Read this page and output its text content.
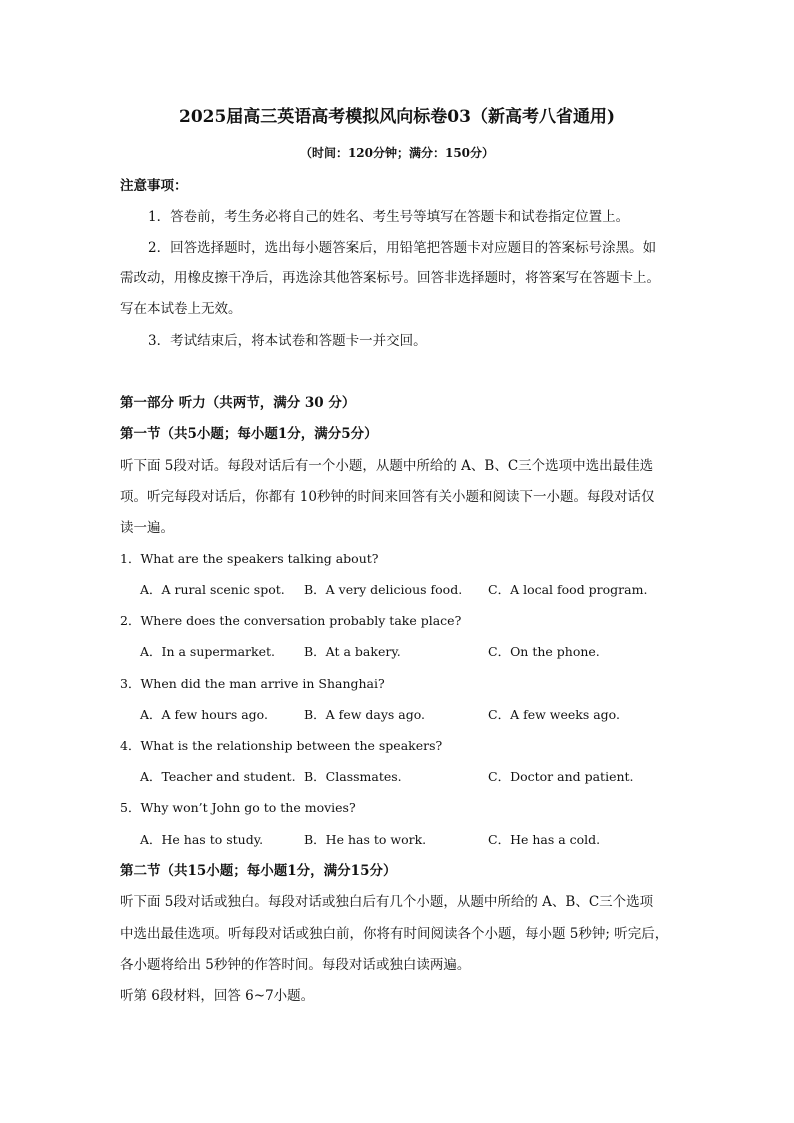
2025届高三英语高考模拟风向标卷03（新高考八省通用)
（时间：120分钟；满分：150分）
注意事项：
1．答卷前，考生务必将自己的姓名、考生号等填写在答题卡和试卷指定位置上。
2．回答选择题时，选出每小题答案后，用铅笔把答题卡对应题目的答案标号涂黑。如
需改动，用橡皮擦干净后，再选涂其他答案标号。回答非选择题时，将答案写在答题卡上。
写在本试卷上无效。
3．考试结束后，将本试卷和答题卡一并交回。
第一部分 听力（共两节，满分 30 分）
第一节（共5小题；每小题1分，满分5分）
听下面 5段对话。每段对话后有一个小题，从题中所给的 A、B、C三个选项中选出最佳选
项。听完每段对话后，你都有 10秒钟的时间来回答有关小题和阅读下一小题。每段对话仅
读一遍。
1．What are the speakers talking about?
A．A rural scenic spot. B．A very delicious food. C．A local food program.
2．Where does the conversation probably take place?
A．In a supermarket. B．At a bakery.	C．On the phone.
3．When did the man arrive in Shanghai?
A．A few hours ago.	B．A few days ago.	C．A few weeks ago.
4．What is the relationship between the speakers?
A．Teacher and student. B．Classmates.	C．Doctor and patient.
5．Why won’t John go to the movies?
A．He has to study.	B．He has to work.	C．He has a cold.
第二节（共15小题；每小题1分，满分15分）
听下面 5段对话或独白。每段对话或独白后有几个小题，从题中所给的 A、B、C三个选项
中选出最佳选项。听每段对话或独白前，你将有时间阅读各个小题，每小题 5秒钟; 听完后，
各小题将给出 5秒钟的作答时间。每段对话或独白读两遍。
听第 6段材料，回答 6~7小题。
